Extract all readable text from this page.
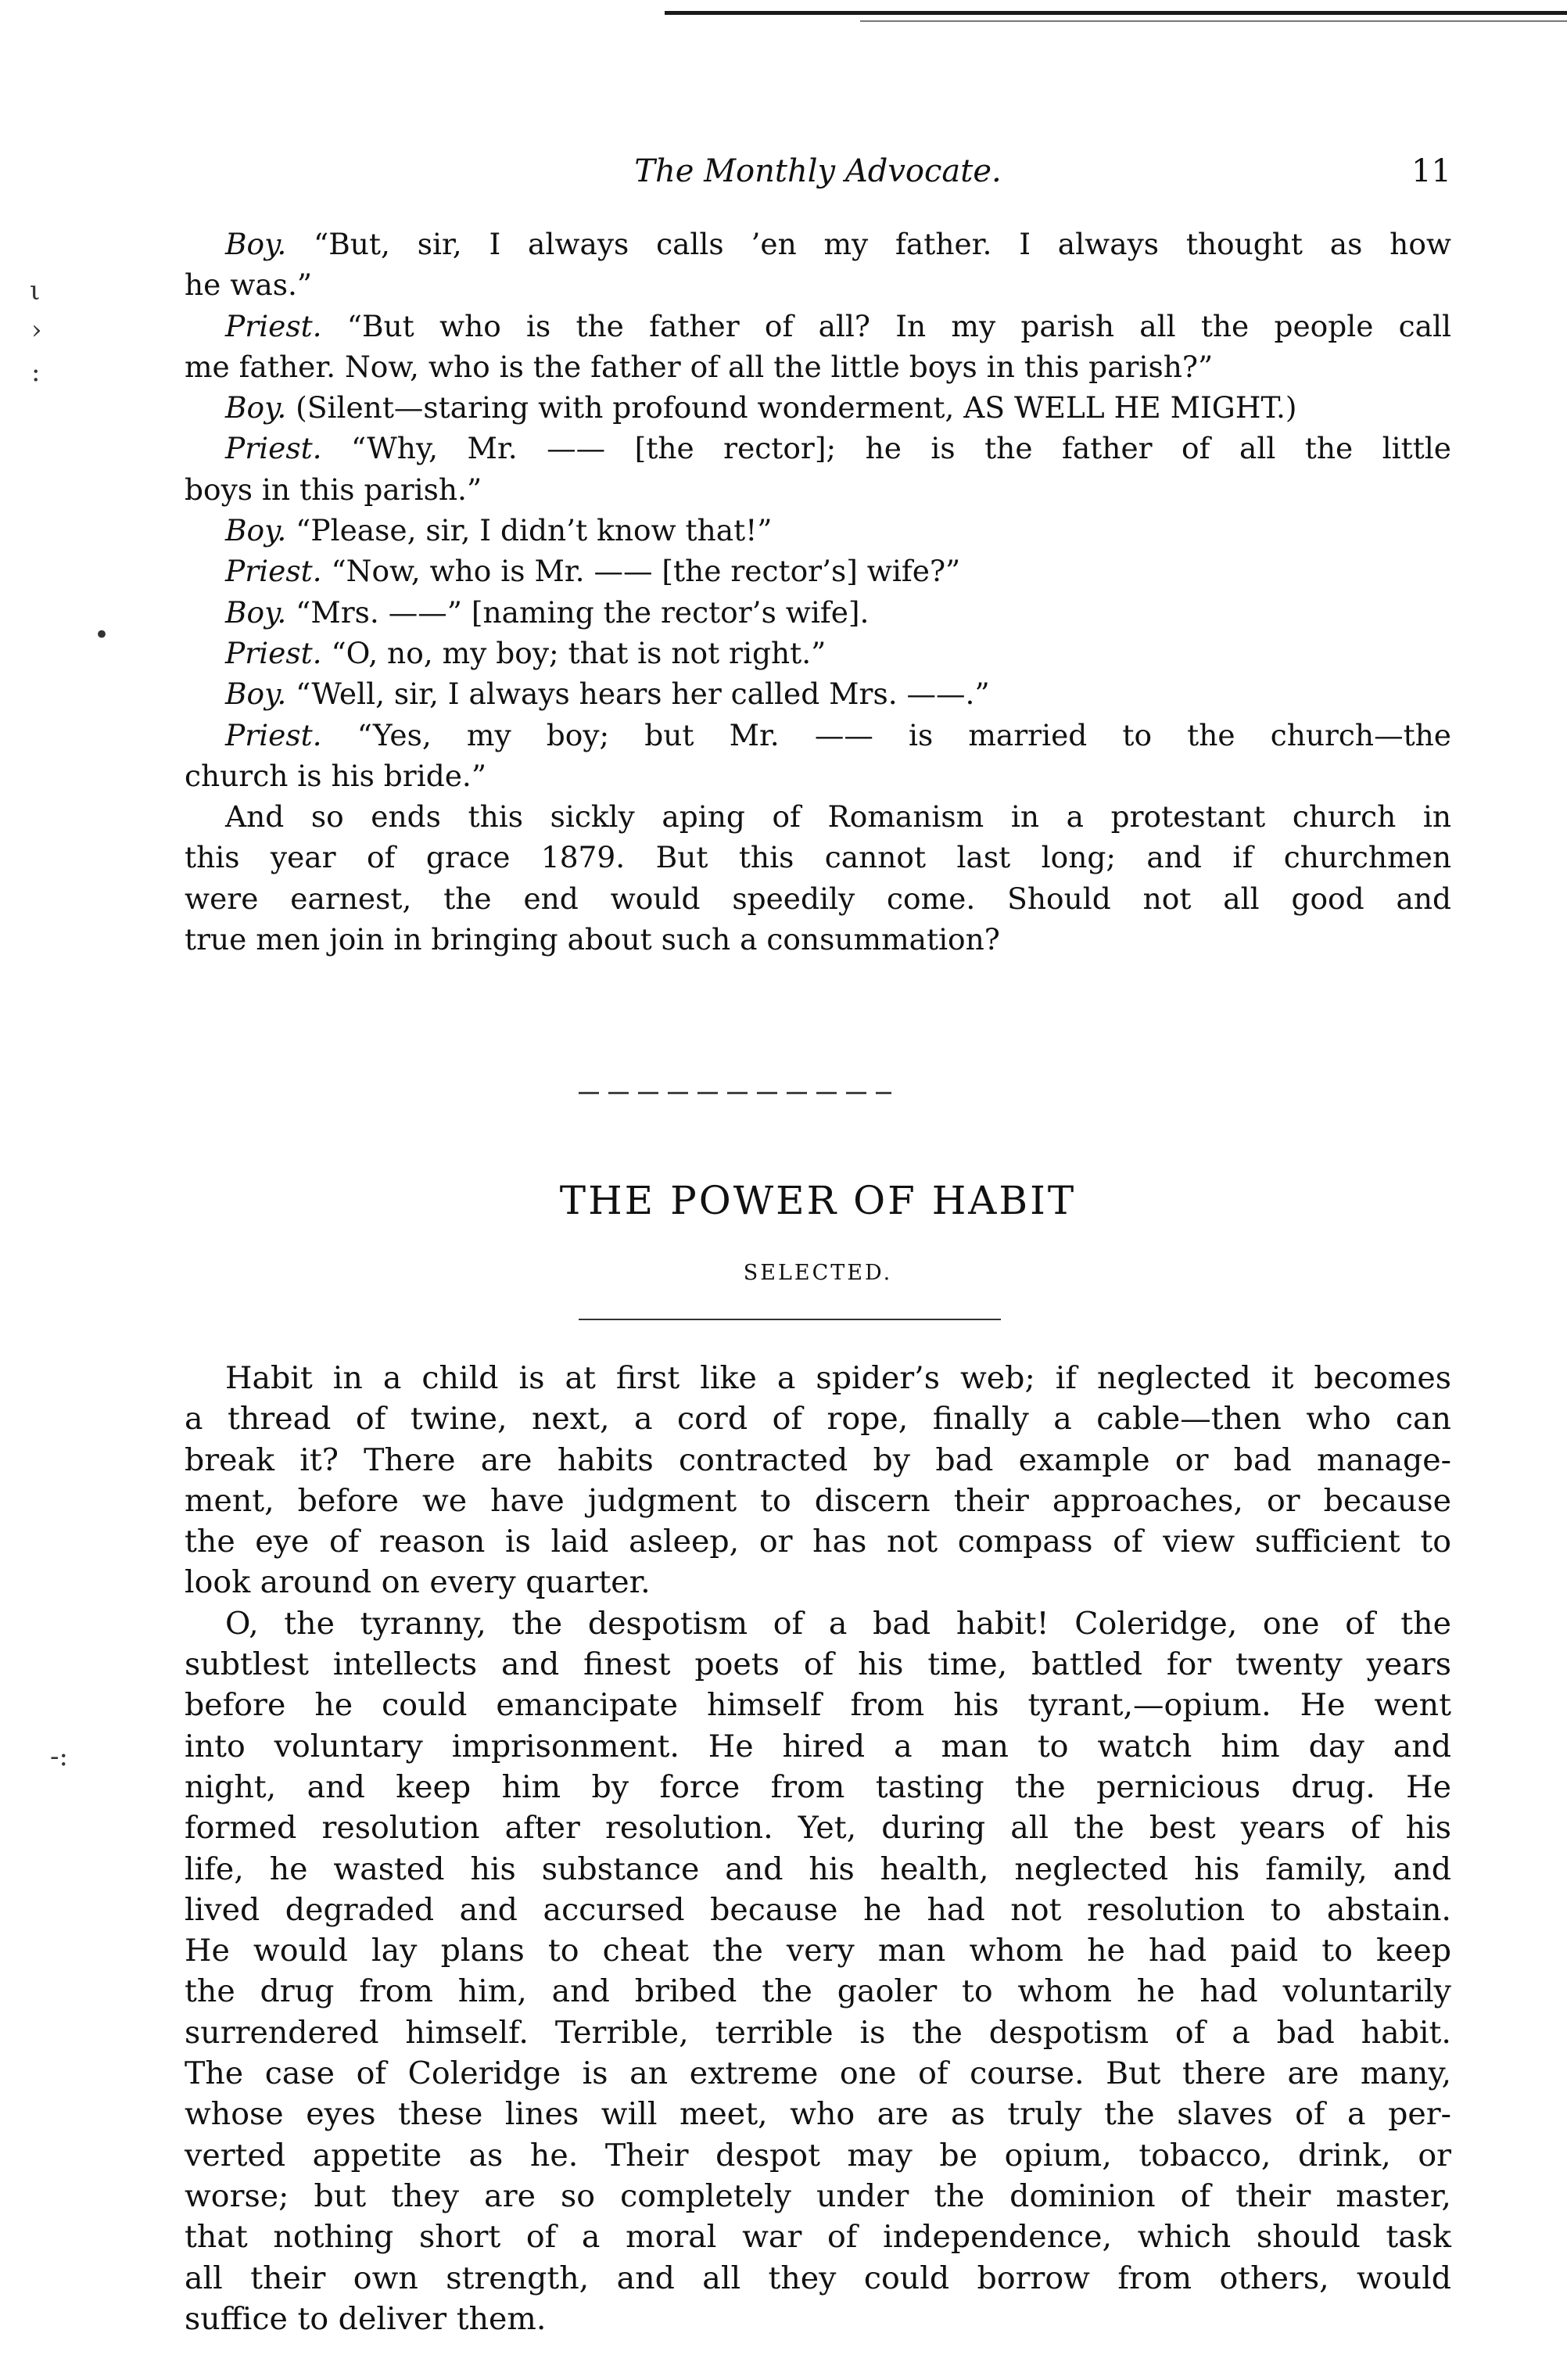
The Monthly Advocate.	11
ι
›
:
•
-:
Boy. “But, sir, I always calls ’en my father. I always thought as how
he was.”
Priest. “But who is the father of all? In my parish all the people call
me father. Now, who is the father of all the little boys in this parish?”
Boy. (Silent—staring with profound wonderment, AS WELL HE MIGHT.)
Priest. “Why, Mr. —— [the rector]; he is the father of all the little
boys in this parish.”
Boy. “Please, sir, I didn’t know that!”
Priest. “Now, who is Mr. —— [the rector’s] wife?”
Boy. “Mrs. ——” [naming the rector’s wife].
Priest. “O, no, my boy; that is not right.”
Boy. “Well, sir, I always hears her called Mrs. ——.”
Priest. “Yes, my boy; but Mr. —— is married to the church—the
church is his bride.”
And so ends this sickly aping of Romanism in a protestant church in
this year of grace 1879. But this cannot last long; and if churchmen
were earnest, the end would speedily come. Should not all good and
true men join in bringing about such a consummation?
THE POWER OF HABIT
SELECTED.
Habit in a child is at first like a spider’s web; if neglected it becomes
a thread of twine, next, a cord of rope, finally a cable—then who can
break it? There are habits contracted by bad example or bad manage-
ment, before we have judgment to discern their approaches, or because
the eye of reason is laid asleep, or has not compass of view sufficient to
look around on every quarter.
O, the tyranny, the despotism of a bad habit! Coleridge, one of the
subtlest intellects and finest poets of his time, battled for twenty years
before he could emancipate himself from his tyrant,—opium. He went
into voluntary imprisonment. He hired a man to watch him day and
night, and keep him by force from tasting the pernicious drug. He
formed resolution after resolution. Yet, during all the best years of his
life, he wasted his substance and his health, neglected his family, and
lived degraded and accursed because he had not resolution to abstain.
He would lay plans to cheat the very man whom he had paid to keep
the drug from him, and bribed the gaoler to whom he had voluntarily
surrendered himself. Terrible, terrible is the despotism of a bad habit.
The case of Coleridge is an extreme one of course. But there are many,
whose eyes these lines will meet, who are as truly the slaves of a per-
verted appetite as he. Their despot may be opium, tobacco, drink, or
worse; but they are so completely under the dominion of their master,
that nothing short of a moral war of independence, which should task
all their own strength, and all they could borrow from others, would
suffice to deliver them.
